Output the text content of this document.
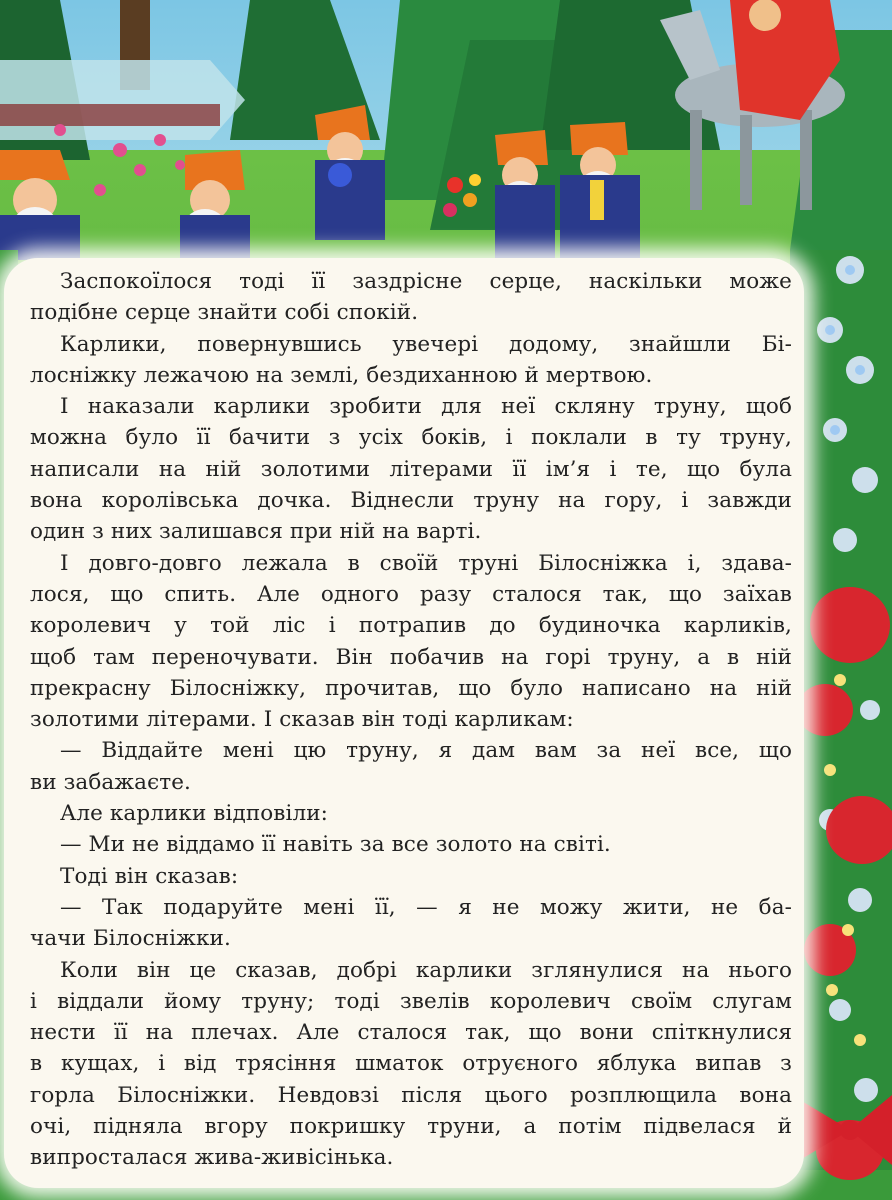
Заспокоїлося тоді її заздрісне серце, наскільки може
подібне серце знайти собі спокій.

Карлики, повернувшись увечері додому, знайшли Бі-
лосніжку лежачою на землі, бездиханною й мертвою.

І наказали карлики зробити для неї скляну труну, щоб
можна було її бачити з усіх боків, і поклали в ту труну,
написали на ній золотими літерами її ім’я і те, що була
вона королівська дочка. Віднесли труну на гору, і завжди
один з них залишався при ній на варті.

І довго-довго лежала в своїй труні Білосніжка і, здава-
лося, що спить. Але одного разу сталося так, що заїхав
королевич у той ліс і потрапив до будиночка карликів,
щоб там переночувати. Він побачив на горі труну, а в ній
прекрасну Білосніжку, прочитав, що було написано на ній
золотими літерами. І сказав він тоді карликам:

— Віддайте мені цю труну, я дам вам за неї все, що
ви забажаєте.

Але карлики відповіли:

— Ми не віддамо її навіть за все золото на світі.

Тоді він сказав:

— Так подаруйте мені її, — я не можу жити, не ба-
чачи Білосніжки.

Коли він це сказав, добрі карлики зглянулися на нього
і віддали йому труну; тоді звелів королевич своїм слугам
нести її на плечах. Але сталося так, що вони спіткнулися
в кущах, і від трясіння шматок отруєного яблука випав з
горла Білосніжки. Невдовзі після цього розплющила вона
очі, підняла вгору покришку труни, а потім підвелася й
випросталася жива-живісінька.
